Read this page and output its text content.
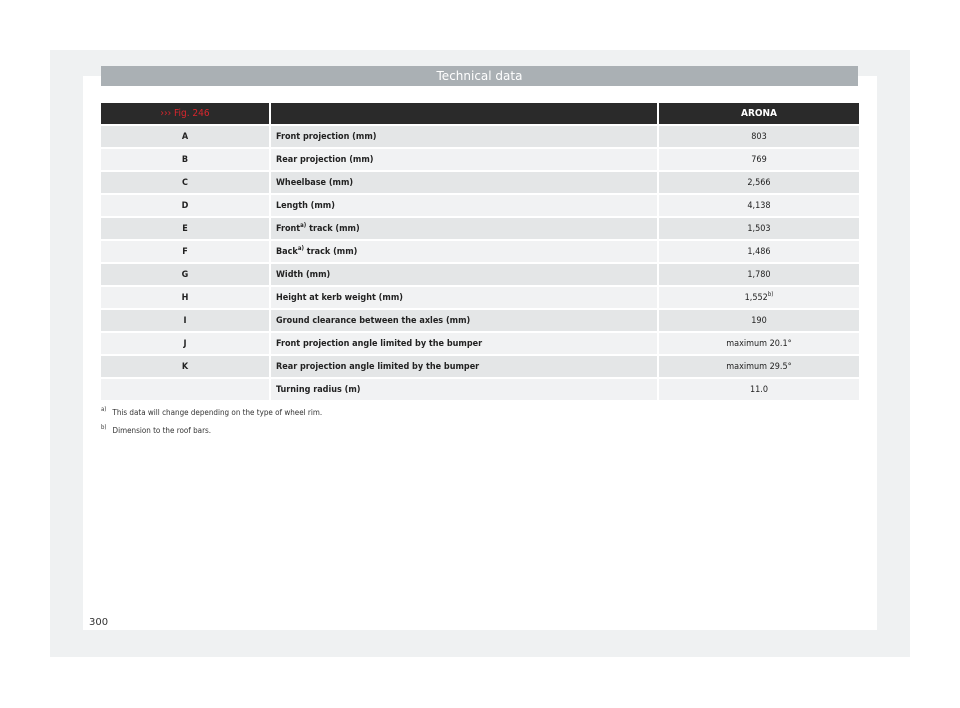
Technical data
››› Fig. 246		ARONA
A	Front projection (mm)	803
B	Rear projection (mm)	769
C	Wheelbase (mm)	2,566
D	Length (mm)	4,138
E	Front$^{a)}$ track (mm)	1,503
F	Back$^{a)}$ track (mm)	1,486
G	Width (mm)	1,780
H	Height at kerb weight (mm)	1,552$^{b)}$
I	Ground clearance between the axles (mm)	190
J	Front projection angle limited by the bumper	maximum 20.1°
K	Rear projection angle limited by the bumper	maximum 29.5°
	Turning radius (m)	11.0
$^{a)}$ This data will change depending on the type of wheel rim.
$^{b)}$ Dimension to the roof bars.
300
